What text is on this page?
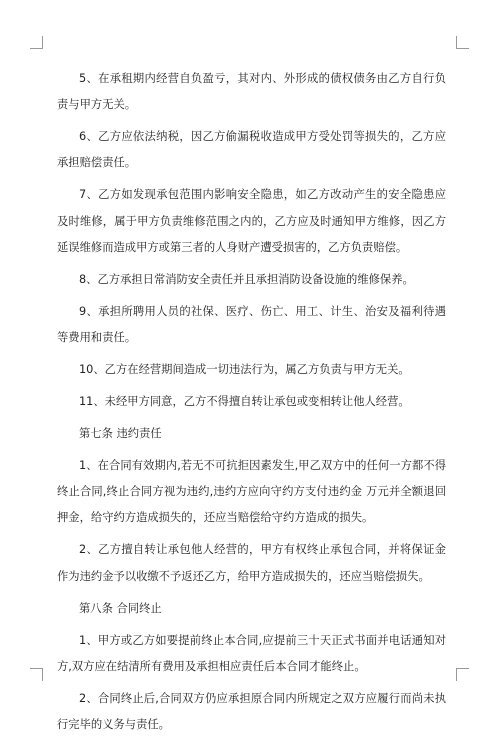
5、在承租期内经营自负盈亏，其对内、外形成的债权债务由乙方自行负责与甲方无关。

6、乙方应依法纳税，因乙方偷漏税收造成甲方受处罚等损失的，乙方应承担赔偿责任。

7、乙方如发现承包范围内影响安全隐患，如乙方改动产生的安全隐患应及时维修，属于甲方负责维修范围之内的，乙方应及时通知甲方维修，因乙方延误维修而造成甲方或第三者的人身财产遭受损害的，乙方负责赔偿。

8、乙方承担日常消防安全责任并且承担消防设备设施的维修保养。

9、承担所聘用人员的社保、医疗、伤亡、用工、计生、治安及福利待遇等费用和责任。

10、乙方在经营期间造成一切违法行为，属乙方负责与甲方无关。

11、未经甲方同意，乙方不得擅自转让承包或变相转让他人经营。

第七条 违约责任

1、在合同有效期内,若无不可抗拒因素发生,甲乙双方中的任何一方都不得终止合同,终止合同方视为违约,违约方应向守约方支付违约金 万元并全额退回押金，给守约方造成损失的，还应当赔偿给守约方造成的损失。

2、乙方擅自转让承包他人经营的，甲方有权终止承包合同，并将保证金作为违约金予以收缴不予返还乙方，给甲方造成损失的，还应当赔偿损失。

第八条 合同终止

1、甲方或乙方如要提前终止本合同,应提前三十天正式书面并电话通知对方,双方应在结清所有费用及承担相应责任后本合同才能终止。

2、合同终止后,合同双方仍应承担原合同内所规定之双方应履行而尚未执行完毕的义务与责任。
